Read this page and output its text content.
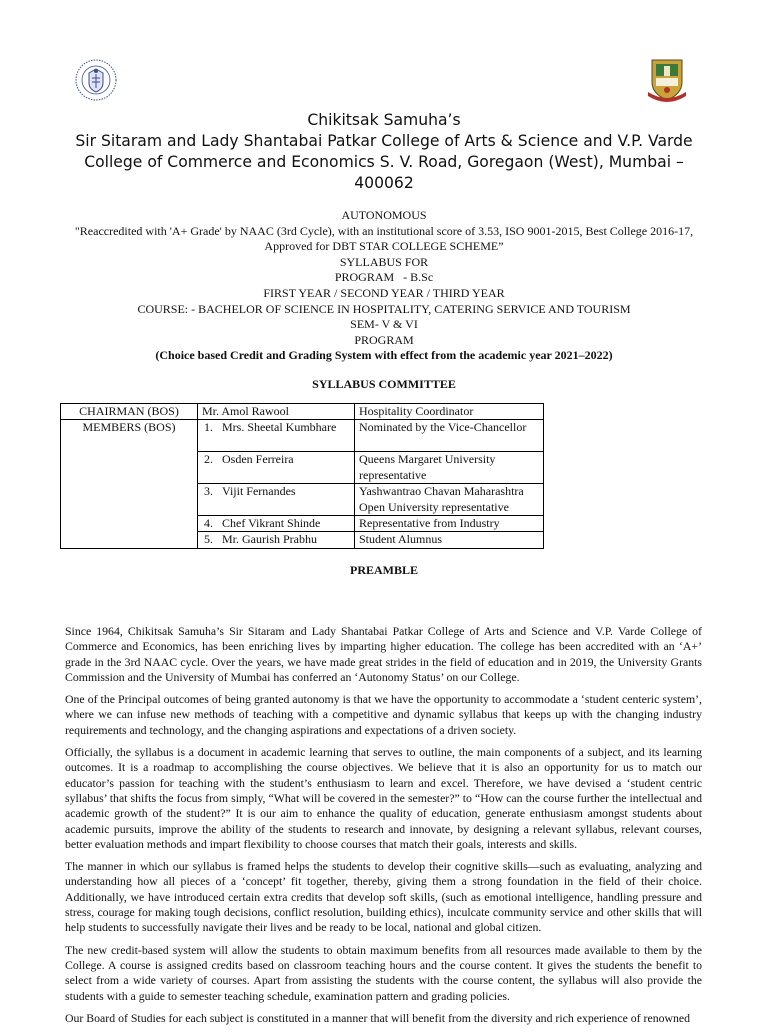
Chikitsak Samuha’s
Sir Sitaram and Lady Shantabai Patkar College of Arts & Science and V.P. Varde
College of Commerce and Economics S. V. Road, Goregaon (West), Mumbai –
400062
AUTONOMOUS
"Reaccredited with 'A+ Grade' by NAAC (3rd Cycle), with an institutional score of 3.53, ISO 9001-2015, Best College 2016-17,
Approved for DBT STAR COLLEGE SCHEME”
SYLLABUS FOR
PROGRAM   - B.Sc
FIRST YEAR / SECOND YEAR / THIRD YEAR
COURSE: - BACHELOR OF SCIENCE IN HOSPITALITY, CATERING SERVICE AND TOURISM
SEM- V & VI
PROGRAM
(Choice based Credit and Grading System with effect from the academic year 2021–2022)
SYLLABUS COMMITTEE
CHAIRMAN (BOS)	Mr. Amol Rawool	Hospitality Coordinator
MEMBERS (BOS)	1. Mrs. Sheetal Kumbhare	Nominated by the Vice-Chancellor
	2. Osden Ferreira	Queens Margaret University representative
	3. Vijit Fernandes	Yashwantrao Chavan Maharashtra Open University representative
	4. Chef Vikrant Shinde	Representative from Industry
	5. Mr. Gaurish Prabhu	Student Alumnus
PREAMBLE

Since 1964, Chikitsak Samuha’s Sir Sitaram and Lady Shantabai Patkar College of Arts and Science and V.P. Varde College of Commerce and Economics, has been enriching lives by imparting higher education. The college has been accredited with an ‘A+’ grade in the 3rd NAAC cycle. Over the years, we have made great strides in the field of education and in 2019, the University Grants Commission and the University of Mumbai has conferred an ‘Autonomy Status’ on our College.

One of the Principal outcomes of being granted autonomy is that we have the opportunity to accommodate a ‘student centeric system’, where we can infuse new methods of teaching with a competitive and dynamic syllabus that keeps up with the changing industry requirements and technology, and the changing aspirations and expectations of a driven society.

Officially, the syllabus is a document in academic learning that serves to outline, the main components of a subject, and its learning outcomes. It is a roadmap to accomplishing the course objectives. We believe that it is also an opportunity for us to match our educator’s passion for teaching with the student’s enthusiasm to learn and excel. Therefore, we have devised a ‘student centric syllabus’ that shifts the focus from simply, “What will be covered in the semester?” to “How can the course further the intellectual and academic growth of the student?” It is our aim to enhance the quality of education, generate enthusiasm amongst students about academic pursuits, improve the ability of the students to research and innovate, by designing a relevant syllabus, relevant courses, better evaluation methods and impart flexibility to choose courses that match their goals, interests and skills.

The manner in which our syllabus is framed helps the students to develop their cognitive skills—such as evaluating, analyzing and understanding how all pieces of a ‘concept’ fit together, thereby, giving them a strong foundation in the field of their choice. Additionally, we have introduced certain extra credits that develop soft skills, (such as emotional intelligence, handling pressure and stress, courage for making tough decisions, conflict resolution, building ethics), inculcate community service and other skills that will help students to successfully navigate their lives and be ready to be local, national and global citizen.

The new credit-based system will allow the students to obtain maximum benefits from all resources made available to them by the College. A course is assigned credits based on classroom teaching hours and the course content. It gives the students the benefit to select from a wide variety of courses. Apart from assisting the students with the course content, the syllabus will also provide the students with a guide to semester teaching schedule, examination pattern and grading policies.

Our Board of Studies for each subject is constituted in a manner that will benefit from the diversity and rich experience of renowned
